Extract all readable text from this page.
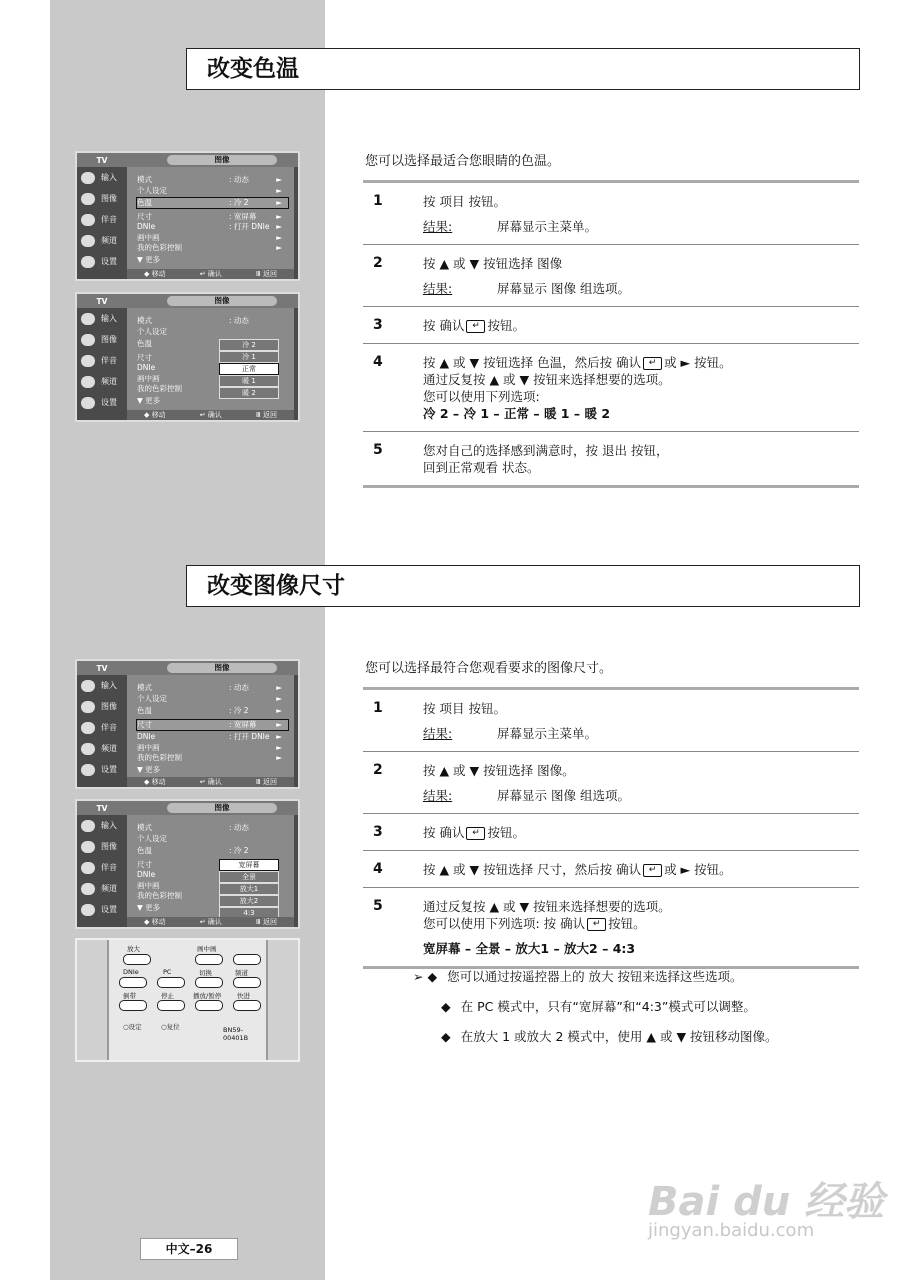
改变色温
您可以选择最适合您眼睛的色温。
1	按 项目 按钮。
结果:	屏幕显示主菜单。
2	按 ▲ 或 ▼ 按钮选择 图像
结果:	屏幕显示 图像 组选项。
3	按 确认 ↵ 按钮。
4	按 ▲ 或 ▼ 按钮选择 色温，然后按 确认 ↵ 或 ► 按钮。
通过反复按 ▲ 或 ▼ 按钮来选择想要的选项。
您可以使用下列选项:
冷 2 – 冷 1 – 正常 – 暖 1 – 暖 2
5	您对自己的选择感到满意时，按 退出 按钮，
回到正常观看 状态。
TV	图像
输入
图像
伴音
频道
设置
模式	: 动态	►
个人设定	►
色温	: 冷 2	►
尺寸	: 宽屏幕	►
DNIe	: 打开 DNIe ►
画中画	►
我的色彩控制	►
▼ 更多
◆ 移动	↵ 确认	Ⅲ 返回
TV	图像
输入
图像
伴音
频道
设置
模式	: 动态
个人设定
色温
尺寸
DNIe
画中画
我的色彩控制
▼ 更多
冷 2
冷 1
正常
暖 1
暖 2
◆ 移动	↵ 确认	Ⅲ 返回
改变图像尺寸
您可以选择最符合您观看要求的图像尺寸。
1	按 项目 按钮。
结果:	屏幕显示主菜单。
2	按 ▲ 或 ▼ 按钮选择 图像。
结果:	屏幕显示 图像 组选项。
3	按 确认 ↵ 按钮。
4	按 ▲ 或 ▼ 按钮选择 尺寸，然后按 确认 ↵ 或 ► 按钮。
5	通过反复按 ▲ 或 ▼ 按钮来选择想要的选项。
您可以使用下列选项: 按 确认 ↵ 按钮。
宽屏幕 – 全景 – 放大1 – 放大2 – 4:3
➢ ◆ 您可以通过按遥控器上的 放大 按钮来选择这些选项。
◆ 在 PC 模式中，只有“宽屏幕”和“4:3”模式可以调整。
◆ 在放大 1 或放大 2 模式中，使用 ▲ 或 ▼ 按钮移动图像。
TV	图像
输入
图像
伴音
频道
设置
模式	: 动态	►
个人设定	►
色温	: 冷 2	►
尺寸	: 宽屏幕	►
DNIe	: 打开 DNIe ►
画中画	►
我的色彩控制	►
▼ 更多
◆ 移动	↵ 确认	Ⅲ 返回
TV	图像
输入
图像
伴音
频道
设置
模式	: 动态
个人设定
色温	: 冷 2
尺寸
DNIe
画中画
我的色彩控制
▼ 更多
宽屏幕
全景
放大1
放大2
4:3
◆ 移动	↵ 确认	Ⅲ 返回
放大	画中画
DNIe	PC	切换	频道
倒带	停止	播放/暂停 快进
○设定	○复位	BN59-00401B
中文–26
Bai du 经验
jingyan.baidu.com
